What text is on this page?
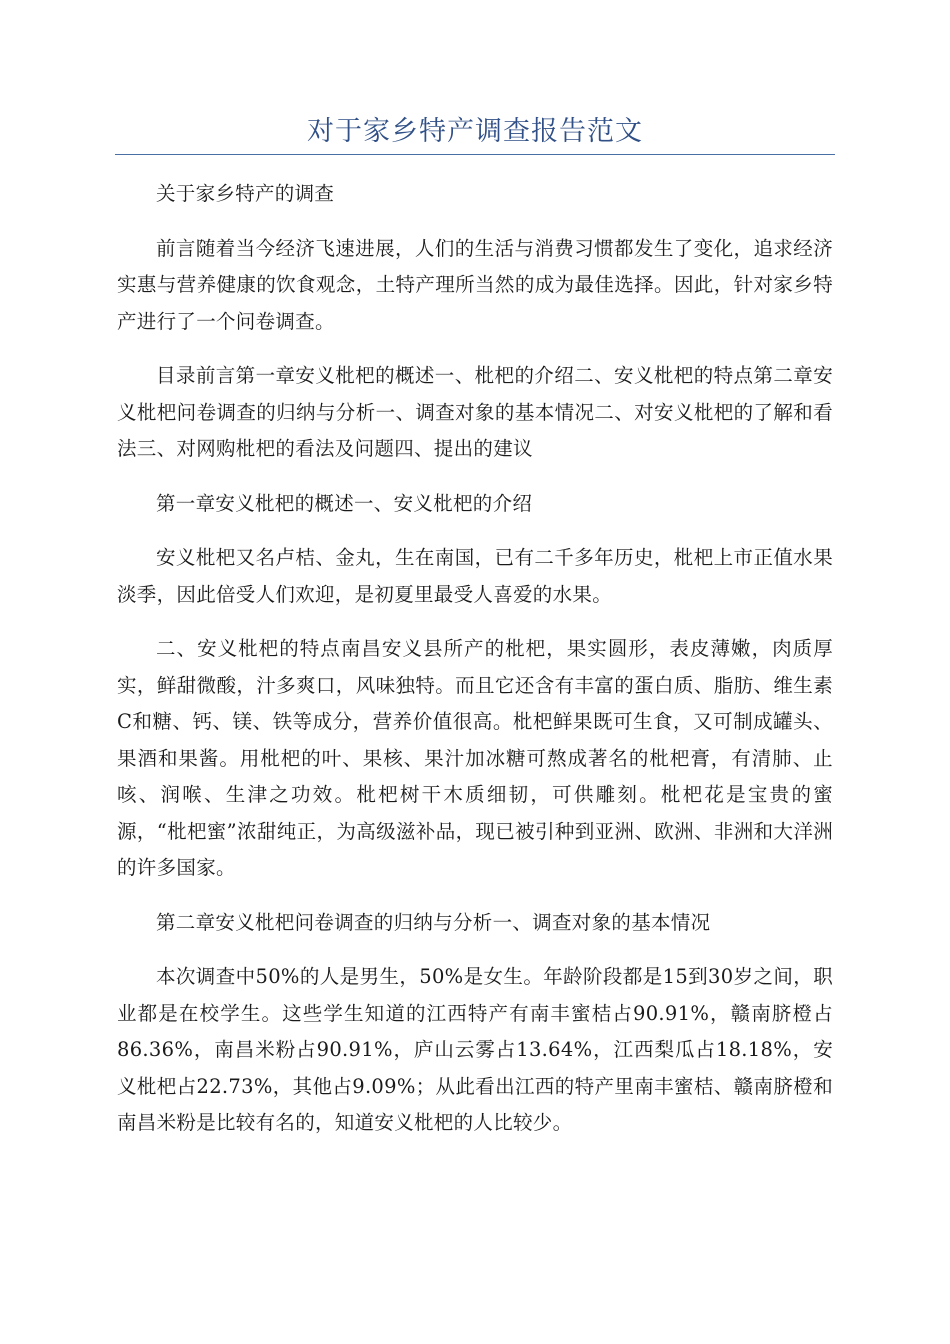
对于家乡特产调查报告范文

关于家乡特产的调查

前言随着当今经济飞速进展，人们的生活与消费习惯都发生了变化，追求经济实惠与营养健康的饮食观念，土特产理所当然的成为最佳选择。因此，针对家乡特产进行了一个问卷调查。

目录前言第一章安义枇杷的概述一、枇杷的介绍二、安义枇杷的特点第二章安义枇杷问卷调查的归纳与分析一、调查对象的基本情况二、对安义枇杷的了解和看法三、对网购枇杷的看法及问题四、提出的建议

第一章安义枇杷的概述一、安义枇杷的介绍

安义枇杷又名卢桔、金丸，生在南国，已有二千多年历史，枇杷上市正值水果淡季，因此倍受人们欢迎，是初夏里最受人喜爱的水果。

二、安义枇杷的特点南昌安义县所产的枇杷，果实圆形，表皮薄嫩，肉质厚实，鲜甜微酸，汁多爽口，风味独特。而且它还含有丰富的蛋白质、脂肪、维生素C和糖、钙、镁、铁等成分，营养价值很高。枇杷鲜果既可生食，又可制成罐头、果酒和果酱。用枇杷的叶、果核、果汁加冰糖可熬成著名的枇杷膏，有清肺、止咳、润喉、生津之功效。枇杷树干木质细韧，可供雕刻。枇杷花是宝贵的蜜源，“枇杷蜜”浓甜纯正，为高级滋补品，现已被引种到亚洲、欧洲、非洲和大洋洲的许多国家。

第二章安义枇杷问卷调查的归纳与分析一、调查对象的基本情况

本次调查中50%的人是男生，50%是女生。年龄阶段都是15到30岁之间，职业都是在校学生。这些学生知道的江西特产有南丰蜜桔占90.91%，赣南脐橙占86.36%，南昌米粉占90.91%，庐山云雾占13.64%，江西梨瓜占18.18%，安义枇杷占22.73%，其他占9.09%；从此看出江西的特产里南丰蜜桔、赣南脐橙和南昌米粉是比较有名的，知道安义枇杷的人比较少。
